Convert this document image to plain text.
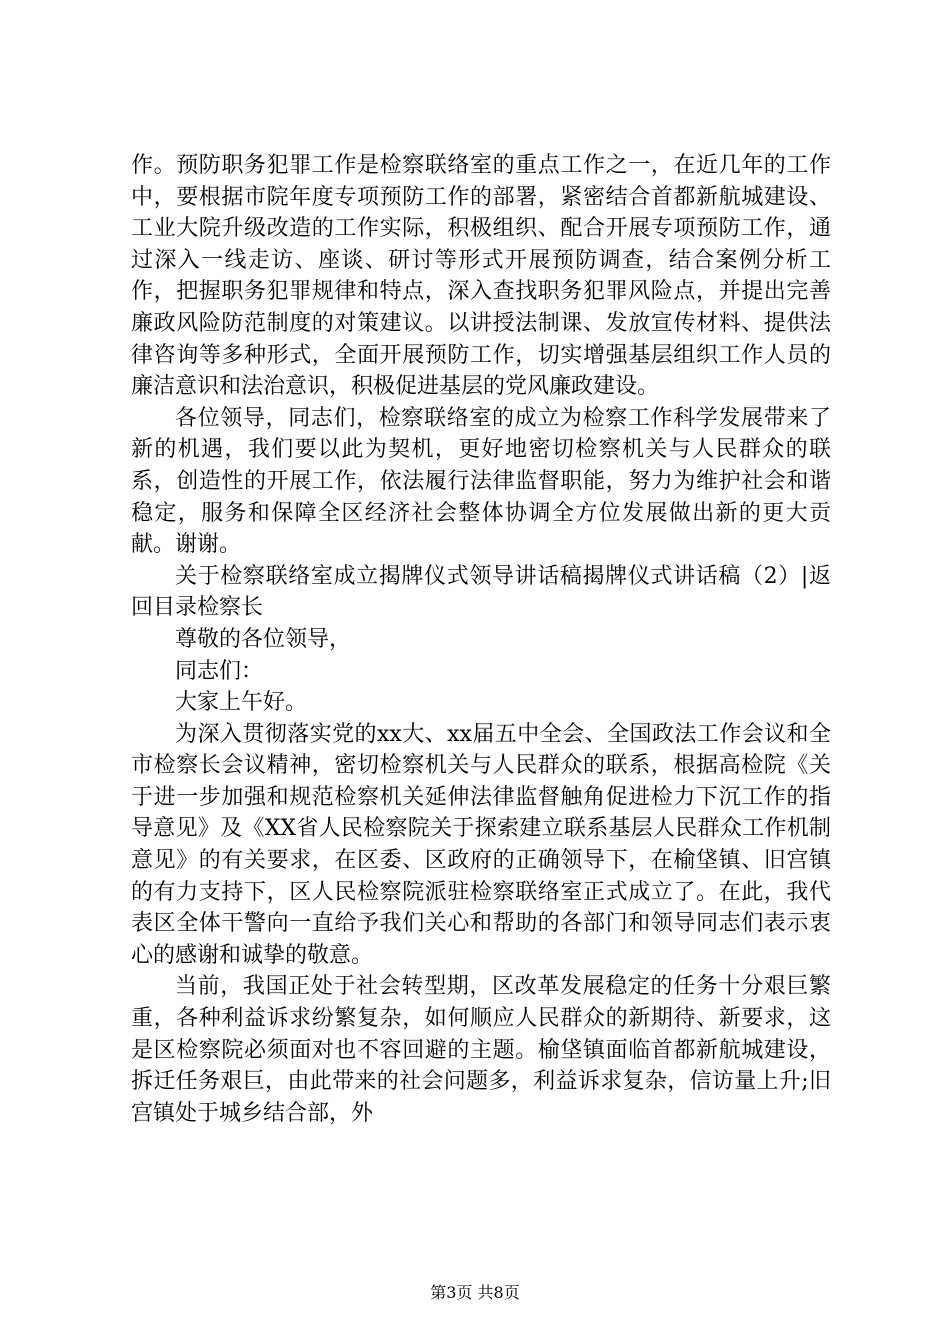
作。预防职务犯罪工作是检察联络室的重点工作之一，在近几年的工作中，要根据市院年度专项预防工作的部署，紧密结合首都新航城建设、工业大院升级改造的工作实际，积极组织、配合开展专项预防工作，通过深入一线走访、座谈、研讨等形式开展预防调查，结合案例分析工作，把握职务犯罪规律和特点，深入查找职务犯罪风险点，并提出完善廉政风险防范制度的对策建议。以讲授法制课、发放宣传材料、提供法律咨询等多种形式，全面开展预防工作，切实增强基层组织工作人员的廉洁意识和法治意识，积极促进基层的党风廉政建设。

各位领导，同志们，检察联络室的成立为检察工作科学发展带来了新的机遇，我们要以此为契机，更好地密切检察机关与人民群众的联系，创造性的开展工作，依法履行法律监督职能，努力为维护社会和谐稳定，服务和保障全区经济社会整体协调全方位发展做出新的更大贡献。谢谢。

关于检察联络室成立揭牌仪式领导讲话稿揭牌仪式讲话稿（2）|返回目录检察长

尊敬的各位领导，

同志们：

大家上午好。

为深入贯彻落实党的xx大、xx届五中全会、全国政法工作会议和全市检察长会议精神，密切检察机关与人民群众的联系，根据高检院《关于进一步加强和规范检察机关延伸法律监督触角促进检力下沉工作的指导意见》及《XX省人民检察院关于探索建立联系基层人民群众工作机制意见》的有关要求，在区委、区政府的正确领导下，在榆垡镇、旧宫镇的有力支持下，区人民检察院派驻检察联络室正式成立了。在此，我代表区全体干警向一直给予我们关心和帮助的各部门和领导同志们表示衷心的感谢和诚挚的敬意。

当前，我国正处于社会转型期，区改革发展稳定的任务十分艰巨繁重，各种利益诉求纷繁复杂，如何顺应人民群众的新期待、新要求，这是区检察院必须面对也不容回避的主题。榆垡镇面临首都新航城建设，拆迁任务艰巨，由此带来的社会问题多，利益诉求复杂，信访量上升;旧宫镇处于城乡结合部，外

第3页 共8页
